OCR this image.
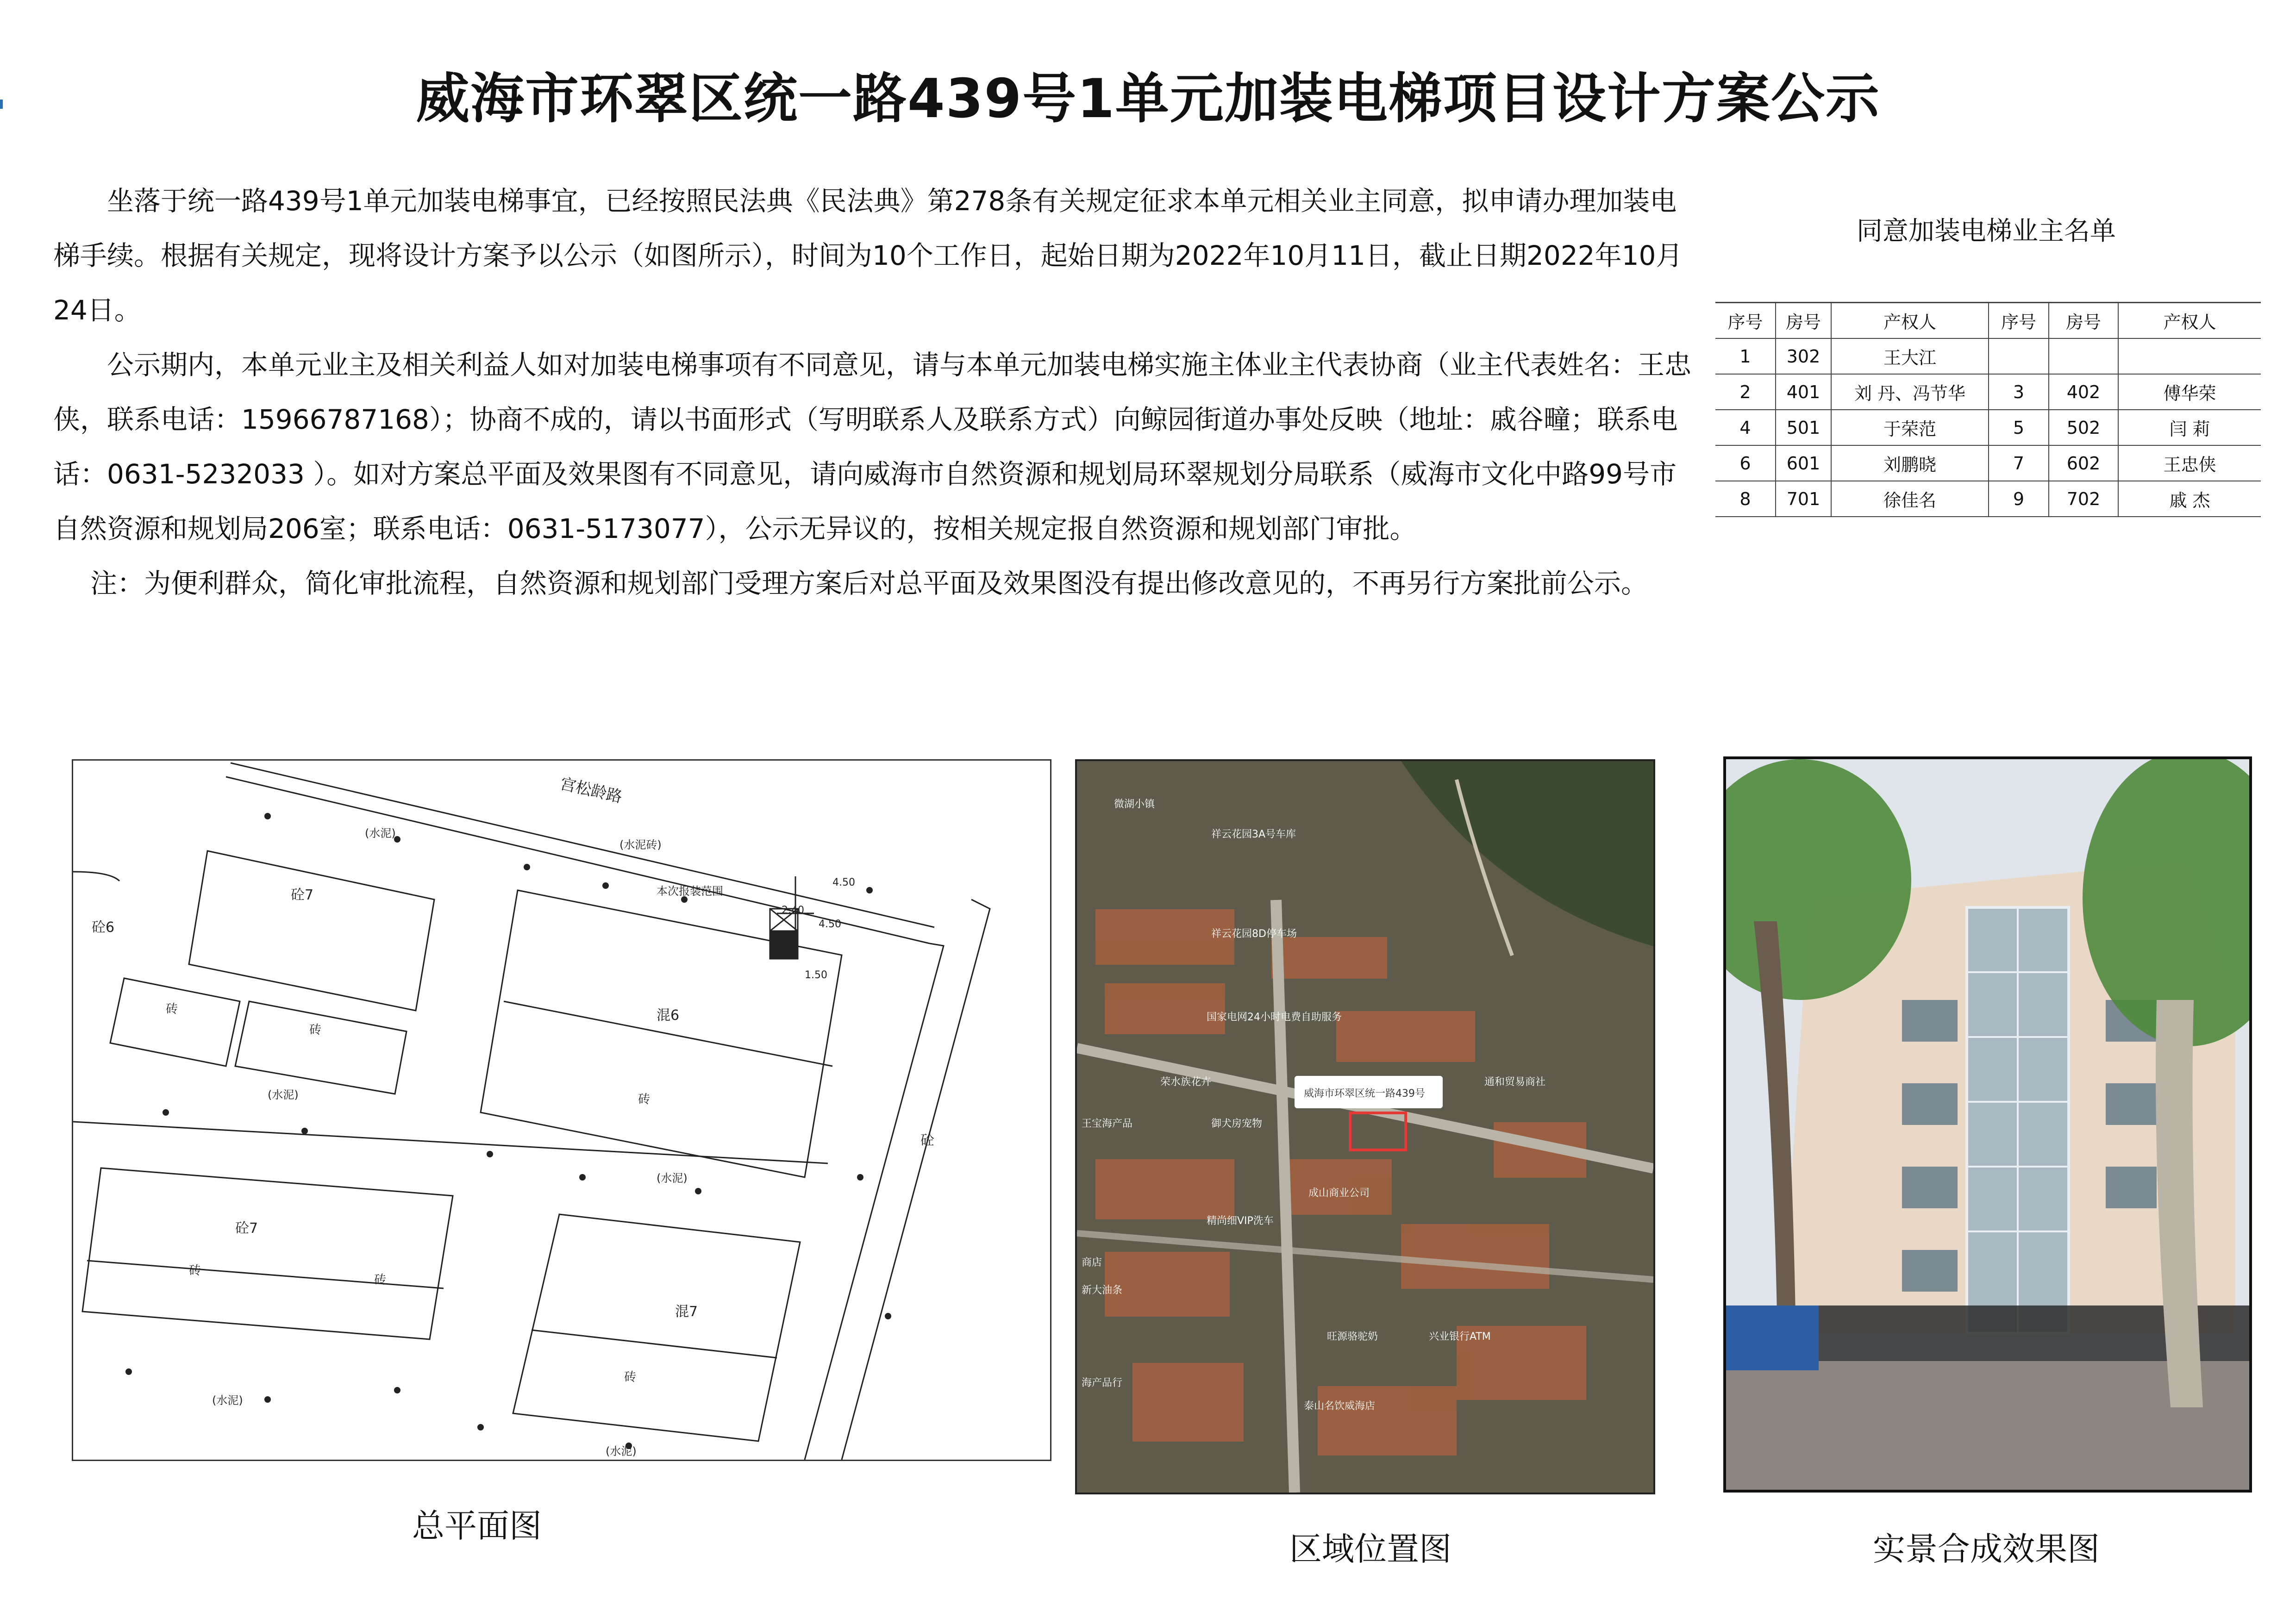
威海市环翠区统一路439号1单元加装电梯项目设计方案公示

坐落于统一路439号1单元加装电梯事宜，已经按照民法典《民法典》第278条有关规定征求本单元相关业主同意，拟申请办理加装电梯手续。根据有关规定，现将设计方案予以公示（如图所示），时间为10个工作日，起始日期为2022年10月11日，截止日期2022年10月24日。

公示期内，本单元业主及相关利益人如对加装电梯事项有不同意见，请与本单元加装电梯实施主体业主代表协商（业主代表姓名：王忠侠，联系电话：15966787168）；协商不成的，请以书面形式（写明联系人及联系方式）向鲸园街道办事处反映（地址：戚谷疃；联系电话：0631-5232033 ）。如对方案总平面及效果图有不同意见，请向威海市自然资源和规划局环翠规划分局联系（威海市文化中路99号市自然资源和规划局206室；联系电话：0631-5173077），公示无异议的，按相关规定报自然资源和规划部门审批。

注：为便利群众，简化审批流程，自然资源和规划部门受理方案后对总平面及效果图没有提出修改意见的，不再另行方案批前公示。

同意加装电梯业主名单
序号	房号	产权人	序号	房号	产权人
1	302	王大江			
2	401	刘 丹、冯节华	3	402	傅华荣
4	501	于荣范	5	502	闫 莉
6	601	刘鹏晓	7	602	王忠侠
8	701	徐佳名	9	702	戚 杰
宫松龄路
砼7
混6
砼7
混7
砖
砖
砖
砖
砖
砖
(水泥)
(水泥)
(水泥)
(水泥)
(水泥)
(水泥砖)
本次报装范围
砼6
砼
2.40
4.50
4.50
1.50
总平面图
威海市环翠区统一路439号
微湖小镇
祥云花园3A号车库
祥云花园8D停车场
国家电网24小时电费自助服务
荣水族花卉
御犬房宠物
王宝海产品
通和贸易商社
成山商业公司
精尚细VIP洗车
兴业银行ATM
旺源骆驼奶
泰山名饮威海店
商店
新大油条
海产品行
区域位置图	实景合成效果图
